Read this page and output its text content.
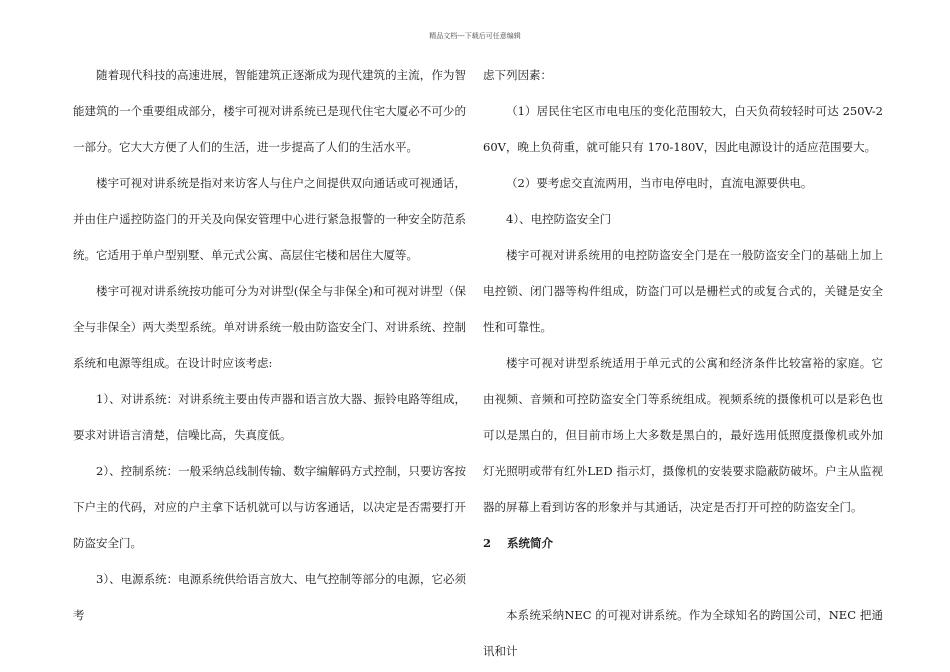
精品文档---下载后可任意编辑

随着现代科技的高速进展，智能建筑正逐渐成为现代建筑的主流，作为智能建筑的一个重要组成部分，楼宇可视对讲系统已是现代住宅大厦必不可少的一部分。它大大方便了人们的生活，进一步提高了人们的生活水平。

楼宇可视对讲系统是指对来访客人与住户之间提供双向通话或可视通话，并由住户遥控防盗门的开关及向保安管理中心进行紧急报警的一种安全防范系统。它适用于单户型别墅、单元式公寓、高层住宅楼和居住大厦等。

楼宇可视对讲系统按功能可分为对讲型(保全与非保全)和可视对讲型（保全与非保全）两大类型系统。单对讲系统一般由防盗安全门、对讲系统、控制系统和电源等组成。在设计时应该考虑:

1）、对讲系统：对讲系统主要由传声器和语言放大器、振铃电路等组成，要求对讲语言清楚，信噪比高，失真度低。

2）、控制系统：一般采纳总线制传输、数字编解码方式控制，只要访客按下户主的代码，对应的户主拿下话机就可以与访客通话，以决定是否需要打开防盗安全门。

3）、电源系统：电源系统供给语言放大、电气控制等部分的电源，它必须考

虑下列因素：

（1）居民住宅区市电电压的变化范围较大，白天负荷较轻时可达 250V-260V，晚上负荷重，就可能只有 170-180V，因此电源设计的适应范围要大。

（2）要考虑交直流两用，当市电停电时，直流电源要供电。

4）、电控防盗安全门

楼宇可视对讲系统用的电控防盗安全门是在一般防盗安全门的基础上加上电控锁、闭门器等构件组成，防盗门可以是栅栏式的或复合式的，关键是安全性和可靠性。

楼宇可视对讲型系统适用于单元式的公寓和经济条件比较富裕的家庭。它由视频、音频和可控防盗安全门等系统组成。视频系统的摄像机可以是彩色也可以是黑白的，但目前市场上大多数是黑白的，最好选用低照度摄像机或外加灯光照明或带有红外LED 指示灯，摄像机的安装要求隐蔽防破坏。户主从监视器的屏幕上看到访客的形象并与其通话，决定是否打开可控的防盗安全门。

2 系统简介

本系统采纳NEC 的可视对讲系统。作为全球知名的跨国公司，NEC 把通讯和计
